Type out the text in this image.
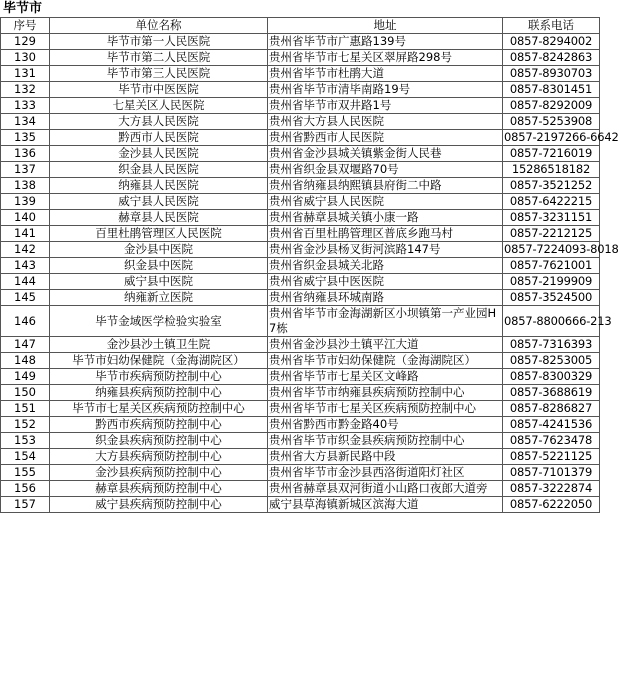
毕节市
序号	单位名称	地址	联系电话
129	毕节市第一人民医院	贵州省毕节市广惠路139号	0857-8294002
130	毕节市第二人民医院	贵州省毕节市七星关区翠屏路298号	0857-8242863
131	毕节市第三人民医院	贵州省毕节市杜鹃大道	0857-8930703
132	毕节市中医医院	贵州省毕节市清毕南路19号	0857-8301451
133	七星关区人民医院	贵州省毕节市双井路1号	0857-8292009
134	大方县人民医院	贵州省大方县人民医院	0857-5253908
135	黔西市人民医院	贵州省黔西市人民医院	0857-2197266-6642
136	金沙县人民医院	贵州省金沙县城关镇紫金街人民巷	0857-7216019
137	织金县人民医院	贵州省织金县双堰路70号	15286518182
138	纳雍县人民医院	贵州省纳雍县纳熙镇县府街二中路	0857-3521252
139	威宁县人民医院	贵州省威宁县人民医院	0857-6422215
140	赫章县人民医院	贵州省赫章县城关镇小康一路	0857-3231151
141	百里杜鹃管理区人民医院	贵州省百里杜鹃管理区普底乡跑马村	0857-2212125
142	金沙县中医院	贵州省金沙县杨叉街河滨路147号	0857-7224093-8018
143	织金县中医院	贵州省织金县城关北路	0857-7621001
144	威宁县中医院	贵州省威宁县中医医院	0857-2199909
145	纳雍新立医院	贵州省纳雍县环城南路	0857-3524500
146	毕节金域医学检验实验室	贵州省毕节市金海湖新区小坝镇第一产业园H7栋	0857-8800666-213
147	金沙县沙土镇卫生院	贵州省金沙县沙土镇平江大道	0857-7316393
148	毕节市妇幼保健院（金海湖院区）	贵州省毕节市妇幼保健院（金海湖院区）	0857-8253005
149	毕节市疾病预防控制中心	贵州省毕节市七星关区文峰路	0857-8300329
150	纳雍县疾病预防控制中心	贵州省毕节市纳雍县疾病预防控制中心	0857-3688619
151	毕节市七星关区疾病预防控制中心	贵州省毕节市七星关区疾病预防控制中心	0857-8286827
152	黔西市疾病预防控制中心	贵州省黔西市黔金路40号	0857-4241536
153	织金县疾病预防控制中心	贵州省毕节市织金县疾病预防控制中心	0857-7623478
154	大方县疾病预防控制中心	贵州省大方县新民路中段	0857-5221125
155	金沙县疾病预防控制中心	贵州省毕节市金沙县西洛街道阳灯社区	0857-7101379
156	赫章县疾病预防控制中心	贵州省赫章县双河街道小山路口夜郎大道旁	0857-3222874
157	威宁县疾病预防控制中心	威宁县草海镇新城区滨海大道	0857-6222050
